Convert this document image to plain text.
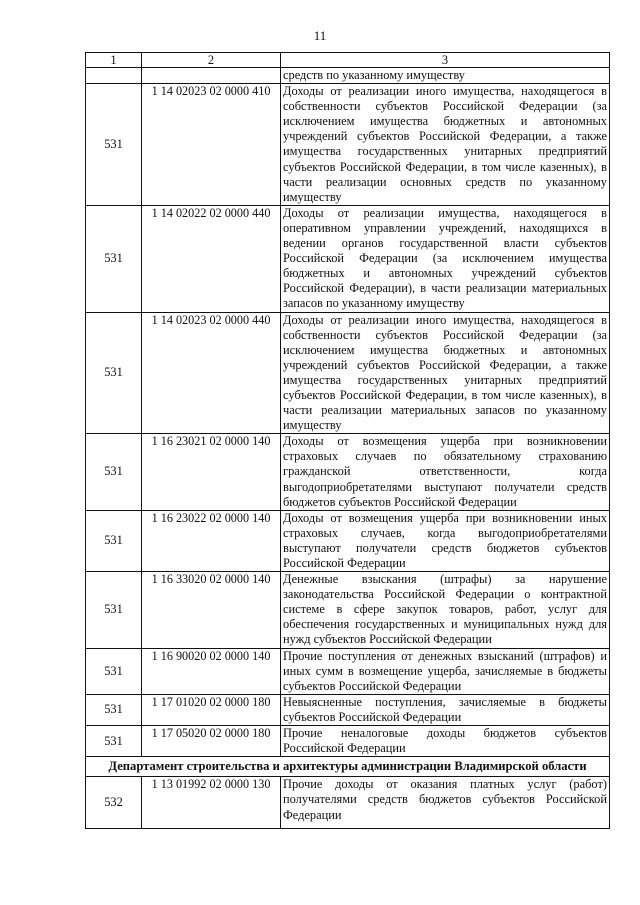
11
1	2	3
		средств по указанному имуществу
531	1 14 02023 02 0000 410	Доходы от реализации иного имущества, находящегося в собственности субъектов Российской Федерации (за исключением имущества бюджетных и автономных учреждений субъектов Российской Федерации, а также имущества государственных унитарных предприятий субъектов Российской Федерации, в том числе казенных), в части реализации основных средств по указанному имуществу
531	1 14 02022 02 0000 440	Доходы от реализации имущества, находящегося в оперативном управлении учреждений, находящихся в ведении органов государственной власти субъектов Российской Федерации (за исключением имущества бюджетных и автономных учреждений субъектов Российской Федерации), в части реализации материальных запасов по указанному имуществу
531	1 14 02023 02 0000 440	Доходы от реализации иного имущества, находящегося в собственности субъектов Российской Федерации (за исключением имущества бюджетных и автономных учреждений субъектов Российской Федерации, а также имущества государственных унитарных предприятий субъектов Российской Федерации, в том числе казенных), в части реализации материальных запасов по указанному имуществу
531	1 16 23021 02 0000 140	Доходы от возмещения ущерба при возникновении страховых случаев по обязательному страхованию гражданской ответственности, когда выгодоприобретателями выступают получатели средств бюджетов субъектов Российской Федерации
531	1 16 23022 02 0000 140	Доходы от возмещения ущерба при возникновении иных страховых случаев, когда выгодоприобретателями выступают получатели средств бюджетов субъектов Российской Федерации
531	1 16 33020 02 0000 140	Денежные взыскания (штрафы) за нарушение законодательства Российской Федерации о контрактной системе в сфере закупок товаров, работ, услуг для обеспечения государственных и муниципальных нужд для нужд субъектов Российской Федерации
531	1 16 90020 02 0000 140	Прочие поступления от денежных взысканий (штрафов) и иных сумм в возмещение ущерба, зачисляемые в бюджеты субъектов Российской Федерации
531	1 17 01020 02 0000 180	Невыясненные поступления, зачисляемые в бюджеты субъектов Российской Федерации
531	1 17 05020 02 0000 180	Прочие неналоговые доходы бюджетов субъектов Российской Федерации
Департамент строительства и архитектуры администрации Владимирской области		
532	1 13 01992 02 0000 130	Прочие доходы от оказания платных услуг (работ) получателями средств бюджетов субъектов Российской Федерации
